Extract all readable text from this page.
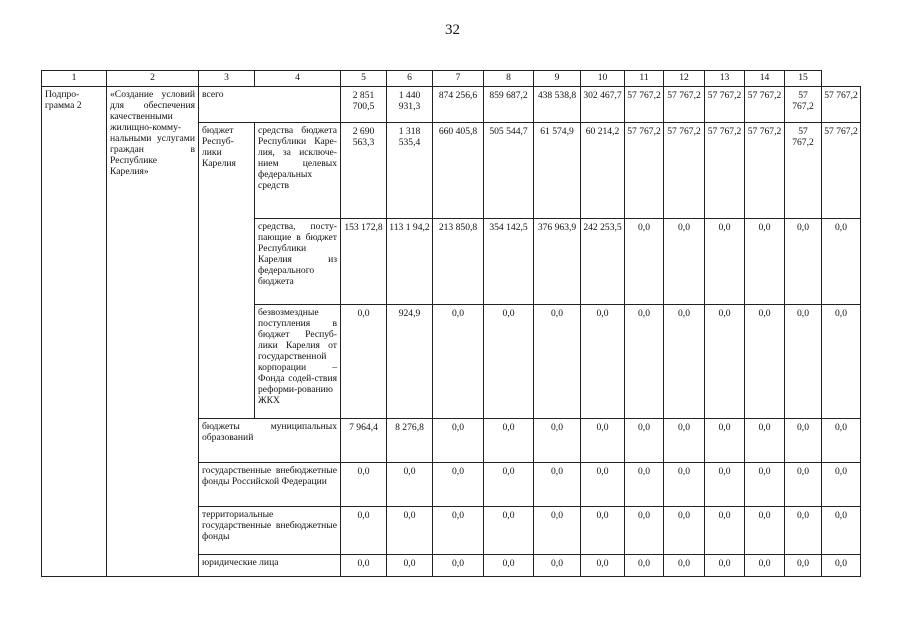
32
1	2	3	4	5	6	7	8	9	10	11	12	13	14	15	
Подпро-грамма 2	«Создание условий для обеспечения качественными жилищно-комму-нальными услугами граждан в Республике Карелия»	всего		2 851 700,5	1 440 931,3	874 256,6	859 687,2	438 538,8	302 467,7	57 767,2	57 767,2	57 767,2	57 767,2	57 767,2	57 767,2
		бюджет Респуб-лики Карелия	средства бюджета Республики Каре-лия, за исключе-нием целевых федеральных средств	2 690 563,3	1 318 535,4	660 405,8	505 544,7	61 574,9	60 214,2	57 767,2	57 767,2	57 767,2	57 767,2	57 767,2	57 767,2
			средства, посту-пающие в бюджет Республики Карелия из федерального бюджета	153 172,8	113 1 94,2	213 850,8	354 142,5	376 963,9	242 253,5	0,0	0,0	0,0	0,0	0,0	0,0
			безвозмездные поступления в бюджет Респуб-лики Карелия от государственной корпорации – Фонда содей-ствия реформи-рованию ЖКХ	0,0	924,9	0,0	0,0	0,0	0,0	0,0	0,0	0,0	0,0	0,0	0,0
		бюджеты муниципальных образований		7 964,4	8 276,8	0,0	0,0	0,0	0,0	0,0	0,0	0,0	0,0	0,0	0,0
		государственные внебюджетные фонды Российской Федерации		0,0	0,0	0,0	0,0	0,0	0,0	0,0	0,0	0,0	0,0	0,0	0,0
		территориальные государственные внебюджетные фонды		0,0	0,0	0,0	0,0	0,0	0,0	0,0	0,0	0,0	0,0	0,0	0,0
		юридические лица		0,0	0,0	0,0	0,0	0,0	0,0	0,0	0,0	0,0	0,0	0,0	0,0
